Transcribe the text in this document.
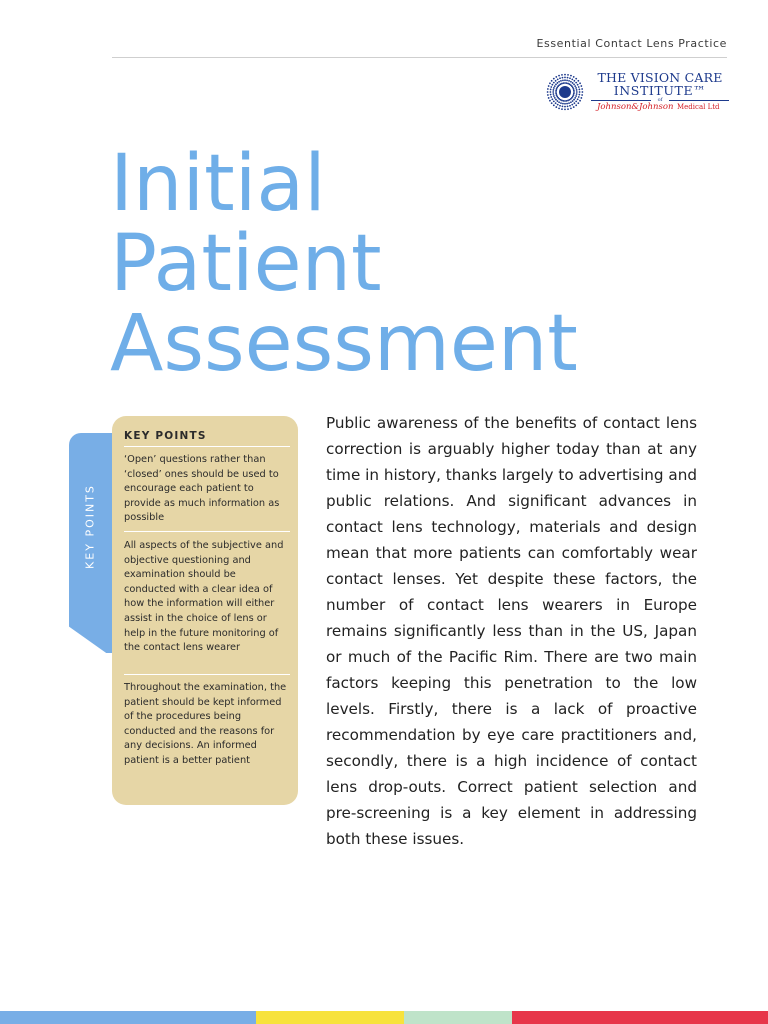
Essential Contact Lens Practice
THE VISION CARE
INSTITUTE™
of
Johnson&Johnson Medical Ltd
Initial
Patient
Assessment
KEY POINTS
KEY POINTS
‘Open’ questions rather than ‘closed’ ones should be used to encourage each patient to provide as much information as possible
All aspects of the subjective and objective questioning and examination should be conducted with a clear idea of how the information will either assist in the choice of lens or help in the future monitoring of the contact lens wearer
Throughout the examination, the patient should be kept informed of the procedures being conducted and the reasons for any decisions. An informed patient is a better patient
Public awareness of the benefits of contact lens correction is arguably higher today than at any time in history, thanks largely to advertising and public relations. And significant advances in contact lens technology, materials and design mean that more patients can comfortably wear contact lenses. Yet despite these factors, the number of contact lens wearers in Europe remains significantly less than in the US, Japan or much of the Pacific Rim. There are two main factors keeping this penetration to the low levels. Firstly, there is a lack of proactive recommendation by eye care practitioners and, secondly, there is a high incidence of contact lens drop-outs. Correct patient selection and pre-screening is a key element in addressing both these issues.
